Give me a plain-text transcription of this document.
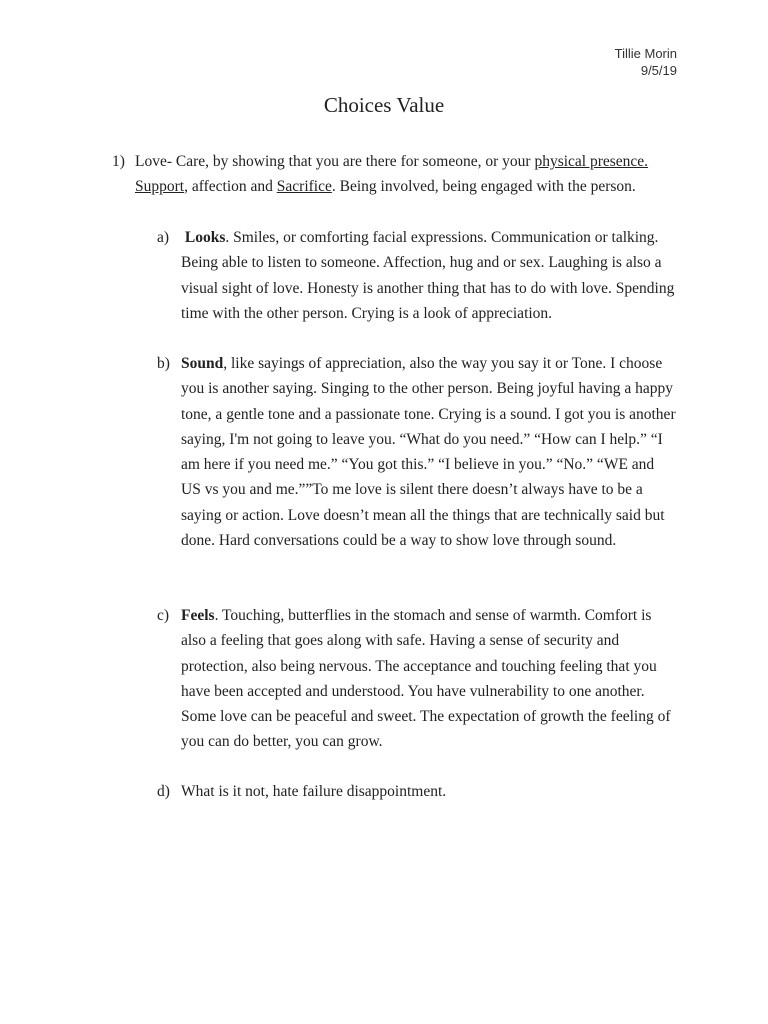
Tillie Morin
9/5/19
Choices Value
1) Love- Care, by showing that you are there for someone, or your physical presence. Support, affection and Sacrifice. Being involved, being engaged with the person.
a)	Looks. Smiles, or comforting facial expressions. Communication or talking. Being able to listen to someone. Affection, hug and or sex. Laughing is also a visual sight of love. Honesty is another thing that has to do with love. Spending time with the other person. Crying is a look of appreciation.
b) Sound, like sayings of appreciation, also the way you say it or Tone. I choose you is another saying. Singing to the other person. Being joyful having a happy tone, a gentle tone and a passionate tone. Crying is a sound. I got you is another saying, I'm not going to leave you. “What do you need.” “How can I help.” “I am here if you need me.” “You got this.” “I believe in you.” “No.” “WE and US vs you and me.””To me love is silent there doesn’t always have to be a saying or action. Love doesn’t mean all the things that are technically said but done. Hard conversations could be a way to show love through sound.
c) Feels. Touching, butterflies in the stomach and sense of warmth. Comfort is also a feeling that goes along with safe. Having a sense of security and protection, also being nervous. The acceptance and touching feeling that you have been accepted and understood. You have vulnerability to one another. Some love can be peaceful and sweet. The expectation of growth the feeling of you can do better, you can grow.
d) What is it not, hate failure disappointment.
